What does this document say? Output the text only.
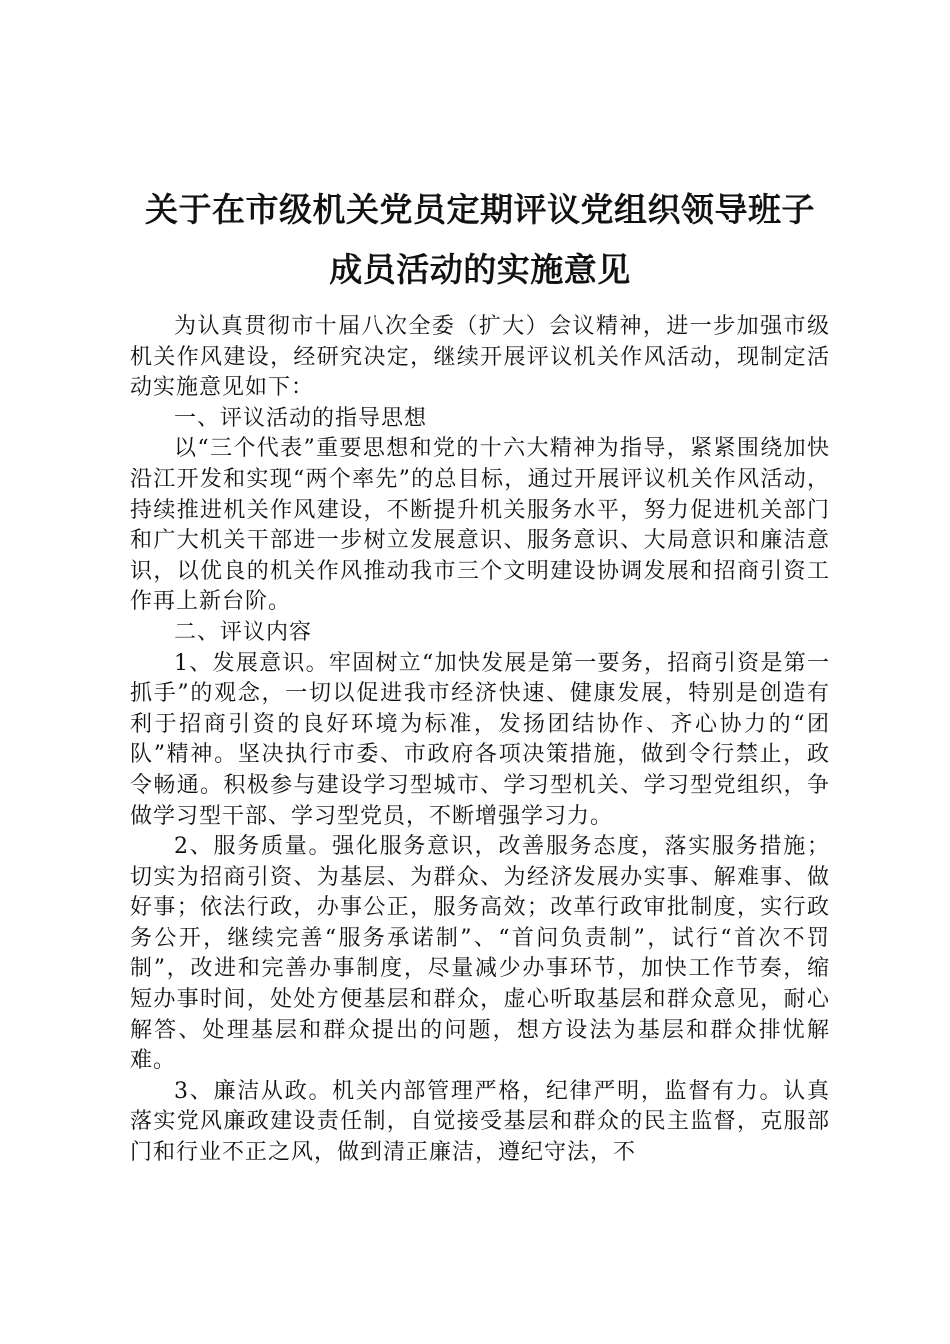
关于在市级机关党员定期评议党组织领导班子
成员活动的实施意见

为认真贯彻市十届八次全委（扩大）会议精神，进一步加强市级机关作风建设，经研究决定，继续开展评议机关作风活动，现制定活动实施意见如下：

一、评议活动的指导思想

以“三个代表”重要思想和党的十六大精神为指导，紧紧围绕加快沿江开发和实现“两个率先”的总目标，通过开展评议机关作风活动，持续推进机关作风建设，不断提升机关服务水平，努力促进机关部门和广大机关干部进一步树立发展意识、服务意识、大局意识和廉洁意识，以优良的机关作风推动我市三个文明建设协调发展和招商引资工作再上新台阶。

二、评议内容

1、发展意识。牢固树立“加快发展是第一要务，招商引资是第一抓手”的观念，一切以促进我市经济快速、健康发展，特别是创造有利于招商引资的良好环境为标准，发扬团结协作、齐心协力的“团队”精神。坚决执行市委、市政府各项决策措施，做到令行禁止，政令畅通。积极参与建设学习型城市、学习型机关、学习型党组织，争做学习型干部、学习型党员，不断增强学习力。

2、服务质量。强化服务意识，改善服务态度，落实服务措施；切实为招商引资、为基层、为群众、为经济发展办实事、解难事、做好事；依法行政，办事公正，服务高效；改革行政审批制度，实行政务公开，继续完善“服务承诺制”、“首问负责制”，试行“首次不罚制”，改进和完善办事制度，尽量减少办事环节，加快工作节奏，缩短办事时间，处处方便基层和群众，虚心听取基层和群众意见，耐心解答、处理基层和群众提出的问题，想方设法为基层和群众排忧解难。

3、廉洁从政。机关内部管理严格，纪律严明，监督有力。认真落实党风廉政建设责任制，自觉接受基层和群众的民主监督，克服部门和行业不正之风，做到清正廉洁，遵纪守法，不
